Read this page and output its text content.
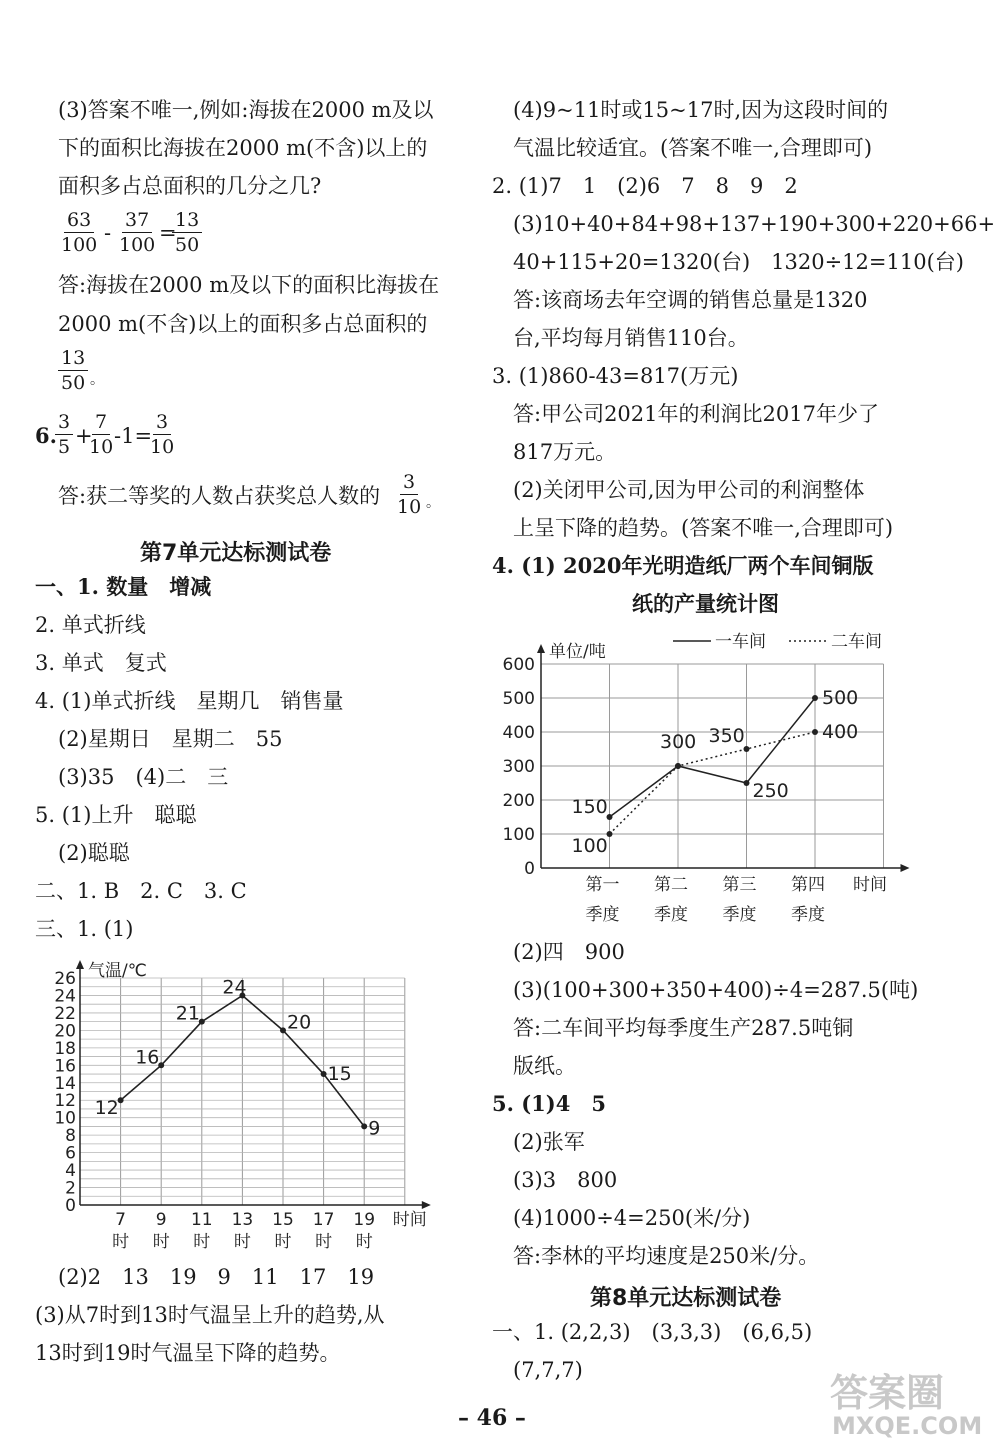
(3)答案不唯一,例如:海拔在2000 m及以
下的面积比海拔在2000 m(不含)以上的
面积多占总面积的几分之几?
$\frac{63}{100} - \frac{37}{100}$ =
$\frac{13}{50}$
答:海拔在2000 m及以下的面积比海拔在
2000 m(不含)以上的面积多占总面积的
$\frac{13}{50}$ 。
6.
$\frac{3}{5}$ +
$\frac{7}{10}$
-1=
$\frac{3}{10}$
答:获二等奖的人数占获奖总人数的 $\frac{3}{10}$ 。
第7单元达标测试卷
一、1. 数量　增减
2. 单式折线
3. 单式　复式
4. (1)单式折线　星期几　销售量
(2)星期日　星期二　55
(3)35　(4)二　三
5. (1)上升　聪聪
(2)聪聪
二、1. B　2. C　3. C
三、1. (1)
气温/℃
0
2
4
6
8
10
12
14
16
18
20
22
24
26
7
时
9
时
11
时
13
时
15
时
17
时
19
时
时间
12
16
21
24
20
15
9
(2)2　13　19　9　11　17　19
(3)从7时到13时气温呈上升的趋势,从
13时到19时气温呈下降的趋势。
(4)9~11时或15~17时,因为这段时间的
气温比较适宜。(答案不唯一,合理即可)
2. (1)7　1　(2)6　7　8　9　2
(3)10+40+84+98+137+190+300+220+66+
40+115+20=1320(台)　1320÷12=110(台)
答:该商场去年空调的销售总量是1320
台,平均每月销售110台。
3. (1)860-43=817(万元)
答:甲公司2021年的利润比2017年少了
817万元。
(2)关闭甲公司,因为甲公司的利润整体
上呈下降的趋势。(答案不唯一,合理即可)
4. (1) 2020年光明造纸厂两个车间铜版
纸的产量统计图
单位/吨
0
100
200
300
400
500
600
一车间	二车间
第一
季度
第二
季度
第三
季度
第四
季度
时间
150
100
300 350
250
500
400
(2)四　900
(3)(100+300+350+400)÷4=287.5(吨)
答:二车间平均每季度生产287.5吨铜
版纸。
5. (1)4　5
(2)张军
(3)3　800
(4)1000÷4=250(米/分)
答:李林的平均速度是250米/分。
第8单元达标测试卷
一、1. (2,2,3)　(3,3,3)　(6,6,5)
(7,7,7)
– 46 –
答案圈
MXQE.COM
